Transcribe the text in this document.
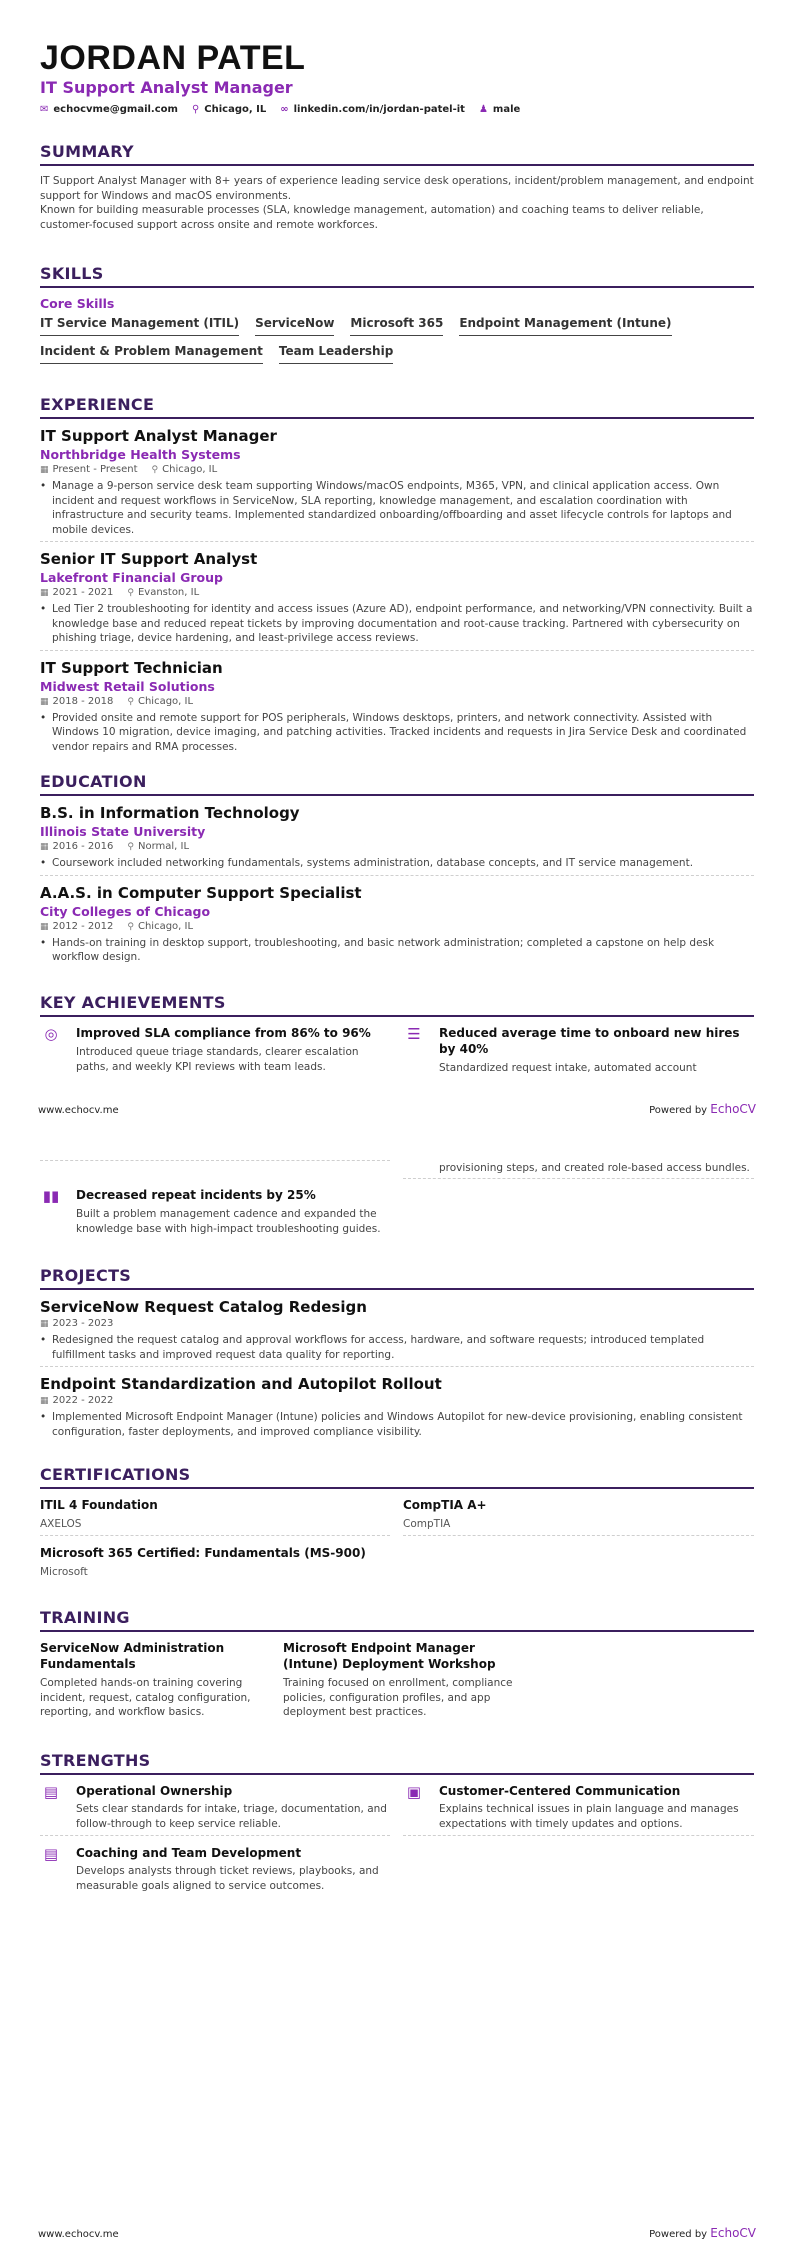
JORDAN PATEL
IT Support Analyst Manager
✉ echocvme@gmail.com ⚲ Chicago, IL ∞ linkedin.com/in/jordan-patel-it ♟ male
SUMMARY
IT Support Analyst Manager with 8+ years of experience leading service desk operations, incident/problem management, and endpoint support for Windows and macOS environments.
Known for building measurable processes (SLA, knowledge management, automation) and coaching teams to deliver reliable, customer-focused support across onsite and remote workforces.
SKILLS
Core Skills
IT Service Management (ITIL) ServiceNow Microsoft 365 Endpoint Management (Intune)
Incident & Problem Management Team Leadership
EXPERIENCE
IT Support Analyst Manager
Northbridge Health Systems
▦ Present - Present ⚲ Chicago, IL
• Manage a 9-person service desk team supporting Windows/macOS endpoints, M365, VPN, and clinical application access. Own incident and request workflows in ServiceNow, SLA reporting, knowledge management, and escalation coordination with infrastructure and security teams. Implemented standardized onboarding/offboarding and asset lifecycle controls for laptops and mobile devices.
Senior IT Support Analyst
Lakefront Financial Group
▦ 2021 - 2021 ⚲ Evanston, IL
• Led Tier 2 troubleshooting for identity and access issues (Azure AD), endpoint performance, and networking/VPN connectivity. Built a knowledge base and reduced repeat tickets by improving documentation and root-cause tracking. Partnered with cybersecurity on phishing triage, device hardening, and least-privilege access reviews.
IT Support Technician
Midwest Retail Solutions
▦ 2018 - 2018 ⚲ Chicago, IL
• Provided onsite and remote support for POS peripherals, Windows desktops, printers, and network connectivity. Assisted with Windows 10 migration, device imaging, and patching activities. Tracked incidents and requests in Jira Service Desk and coordinated vendor repairs and RMA processes.
EDUCATION
B.S. in Information Technology
Illinois State University
▦ 2016 - 2016 ⚲ Normal, IL
• Coursework included networking fundamentals, systems administration, database concepts, and IT service management.
A.A.S. in Computer Support Specialist
City Colleges of Chicago
▦ 2012 - 2012 ⚲ Chicago, IL
• Hands-on training in desktop support, troubleshooting, and basic network administration; completed a capstone on help desk workflow design.
KEY ACHIEVEMENTS
◎ Improved SLA compliance from 86% to 96%
Introduced queue triage standards, clearer escalation paths, and weekly KPI reviews with team leads.
☰ Reduced average time to onboard new hires by 40%
Standardized request intake, automated account
www.echocv.me	Powered by EchoCV
provisioning steps, and created role-based access bundles.
▮▮ Decreased repeat incidents by 25%
Built a problem management cadence and expanded the knowledge base with high-impact troubleshooting guides.
PROJECTS
ServiceNow Request Catalog Redesign
▦ 2023 - 2023
• Redesigned the request catalog and approval workflows for access, hardware, and software requests; introduced templated fulfillment tasks and improved request data quality for reporting.
Endpoint Standardization and Autopilot Rollout
▦ 2022 - 2022
• Implemented Microsoft Endpoint Manager (Intune) policies and Windows Autopilot for new-device provisioning, enabling consistent configuration, faster deployments, and improved compliance visibility.
CERTIFICATIONS
ITIL 4 Foundation
AXELOS
CompTIA A+
CompTIA
Microsoft 365 Certified: Fundamentals (MS-900)
Microsoft
TRAINING
ServiceNow Administration Fundamentals
Completed hands-on training covering incident, request, catalog configuration, reporting, and workflow basics.
Microsoft Endpoint Manager (Intune) Deployment Workshop
Training focused on enrollment, compliance policies, configuration profiles, and app deployment best practices.
STRENGTHS
▤ Operational Ownership
Sets clear standards for intake, triage, documentation, and follow-through to keep service reliable.
▣ Customer-Centered Communication
Explains technical issues in plain language and manages expectations with timely updates and options.
▤ Coaching and Team Development
Develops analysts through ticket reviews, playbooks, and measurable goals aligned to service outcomes.
www.echocv.me	Powered by EchoCV
